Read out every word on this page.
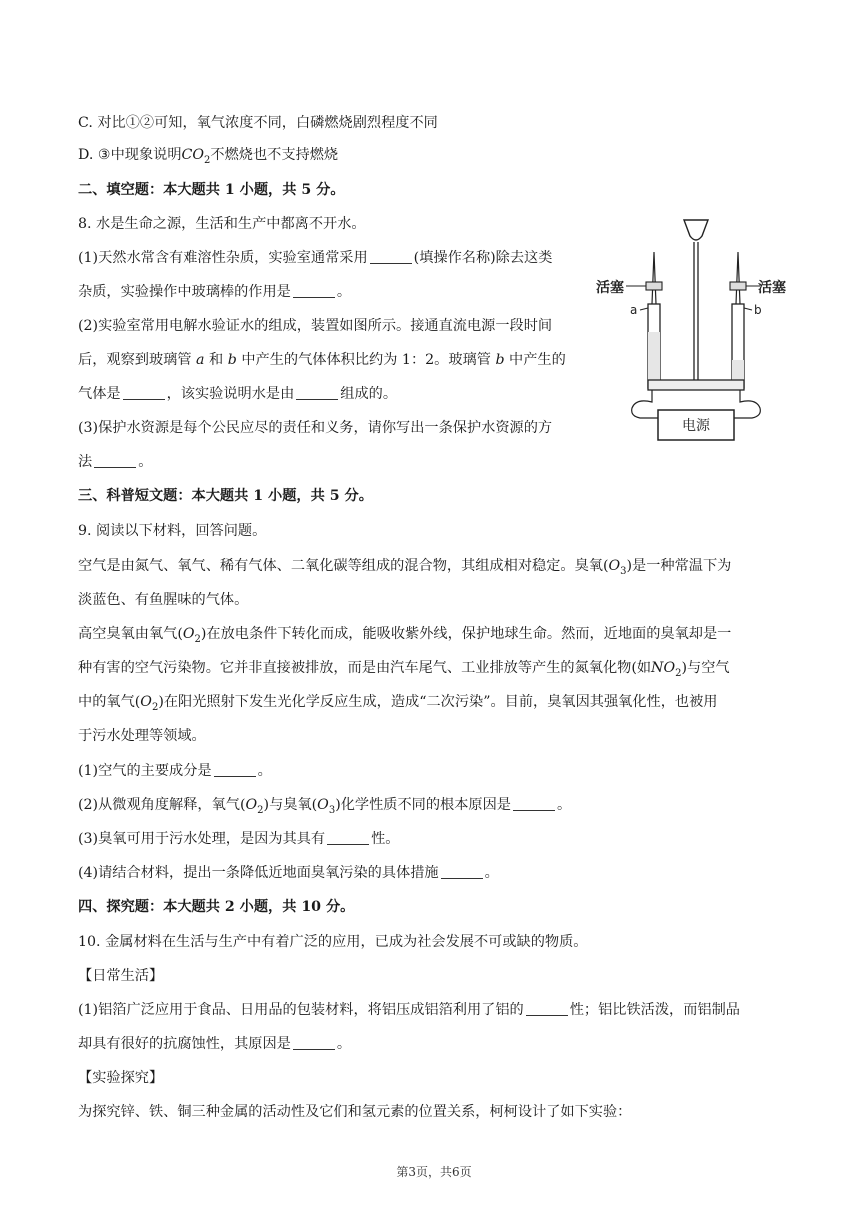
C. 对比①②可知，氧气浓度不同，白磷燃烧剧烈程度不同
D. ③中现象说明$CO_2$不燃烧也不支持燃烧
二、填空题：本大题共 1 小题，共 5 分。
8. 水是生命之源，生活和生产中都离不开水。
(1)天然水常含有难溶性杂质，实验室通常采用	(填操作名称)除去这类
杂质，实验操作中玻璃棒的作用是	。
(2)实验室常用电解水验证水的组成，装置如图所示。接通直流电源一段时间
后，观察到玻璃管 a 和 b 中产生的气体体积比约为 1：2。玻璃管 b 中产生的
气体是	，该实验说明水是由	组成的。
(3)保护水资源是每个公民应尽的责任和义务，请你写出一条保护水资源的方
法	。
活塞	活塞
a	b
电源
三、科普短文题：本大题共 1 小题，共 5 分。
9. 阅读以下材料，回答问题。
空气是由氮气、氧气、稀有气体、二氧化碳等组成的混合物，其组成相对稳定。臭氧$(O_3)$是一种常温下为
淡蓝色、有鱼腥味的气体。
高空臭氧由氧气$(O_2)$在放电条件下转化而成，能吸收紫外线，保护地球生命。然而，近地面的臭氧却是一
种有害的空气污染物。它并非直接被排放，而是由汽车尾气、工业排放等产生的氮氧化物(如$NO_2$)与空气
中的氧气$(O_2)$在阳光照射下发生光化学反应生成，造成“二次污染”。目前，臭氧因其强氧化性，也被用
于污水处理等领域。
(1)空气的主要成分是	。
(2)从微观角度解释，氧气$(O_2)$与臭氧$(O_3)$化学性质不同的根本原因是	。
(3)臭氧可用于污水处理，是因为其具有	性。
(4)请结合材料，提出一条降低近地面臭氧污染的具体措施	。
四、探究题：本大题共 2 小题，共 10 分。
10. 金属材料在生活与生产中有着广泛的应用，已成为社会发展不可或缺的物质。
【日常生活】
(1)铝箔广泛应用于食品、日用品的包装材料，将铝压成铝箔利用了铝的	性；铝比铁活泼，而铝制品
却具有很好的抗腐蚀性，其原因是	。
【实验探究】
为探究锌、铁、铜三种金属的活动性及它们和氢元素的位置关系，柯柯设计了如下实验：
第3页，共6页
